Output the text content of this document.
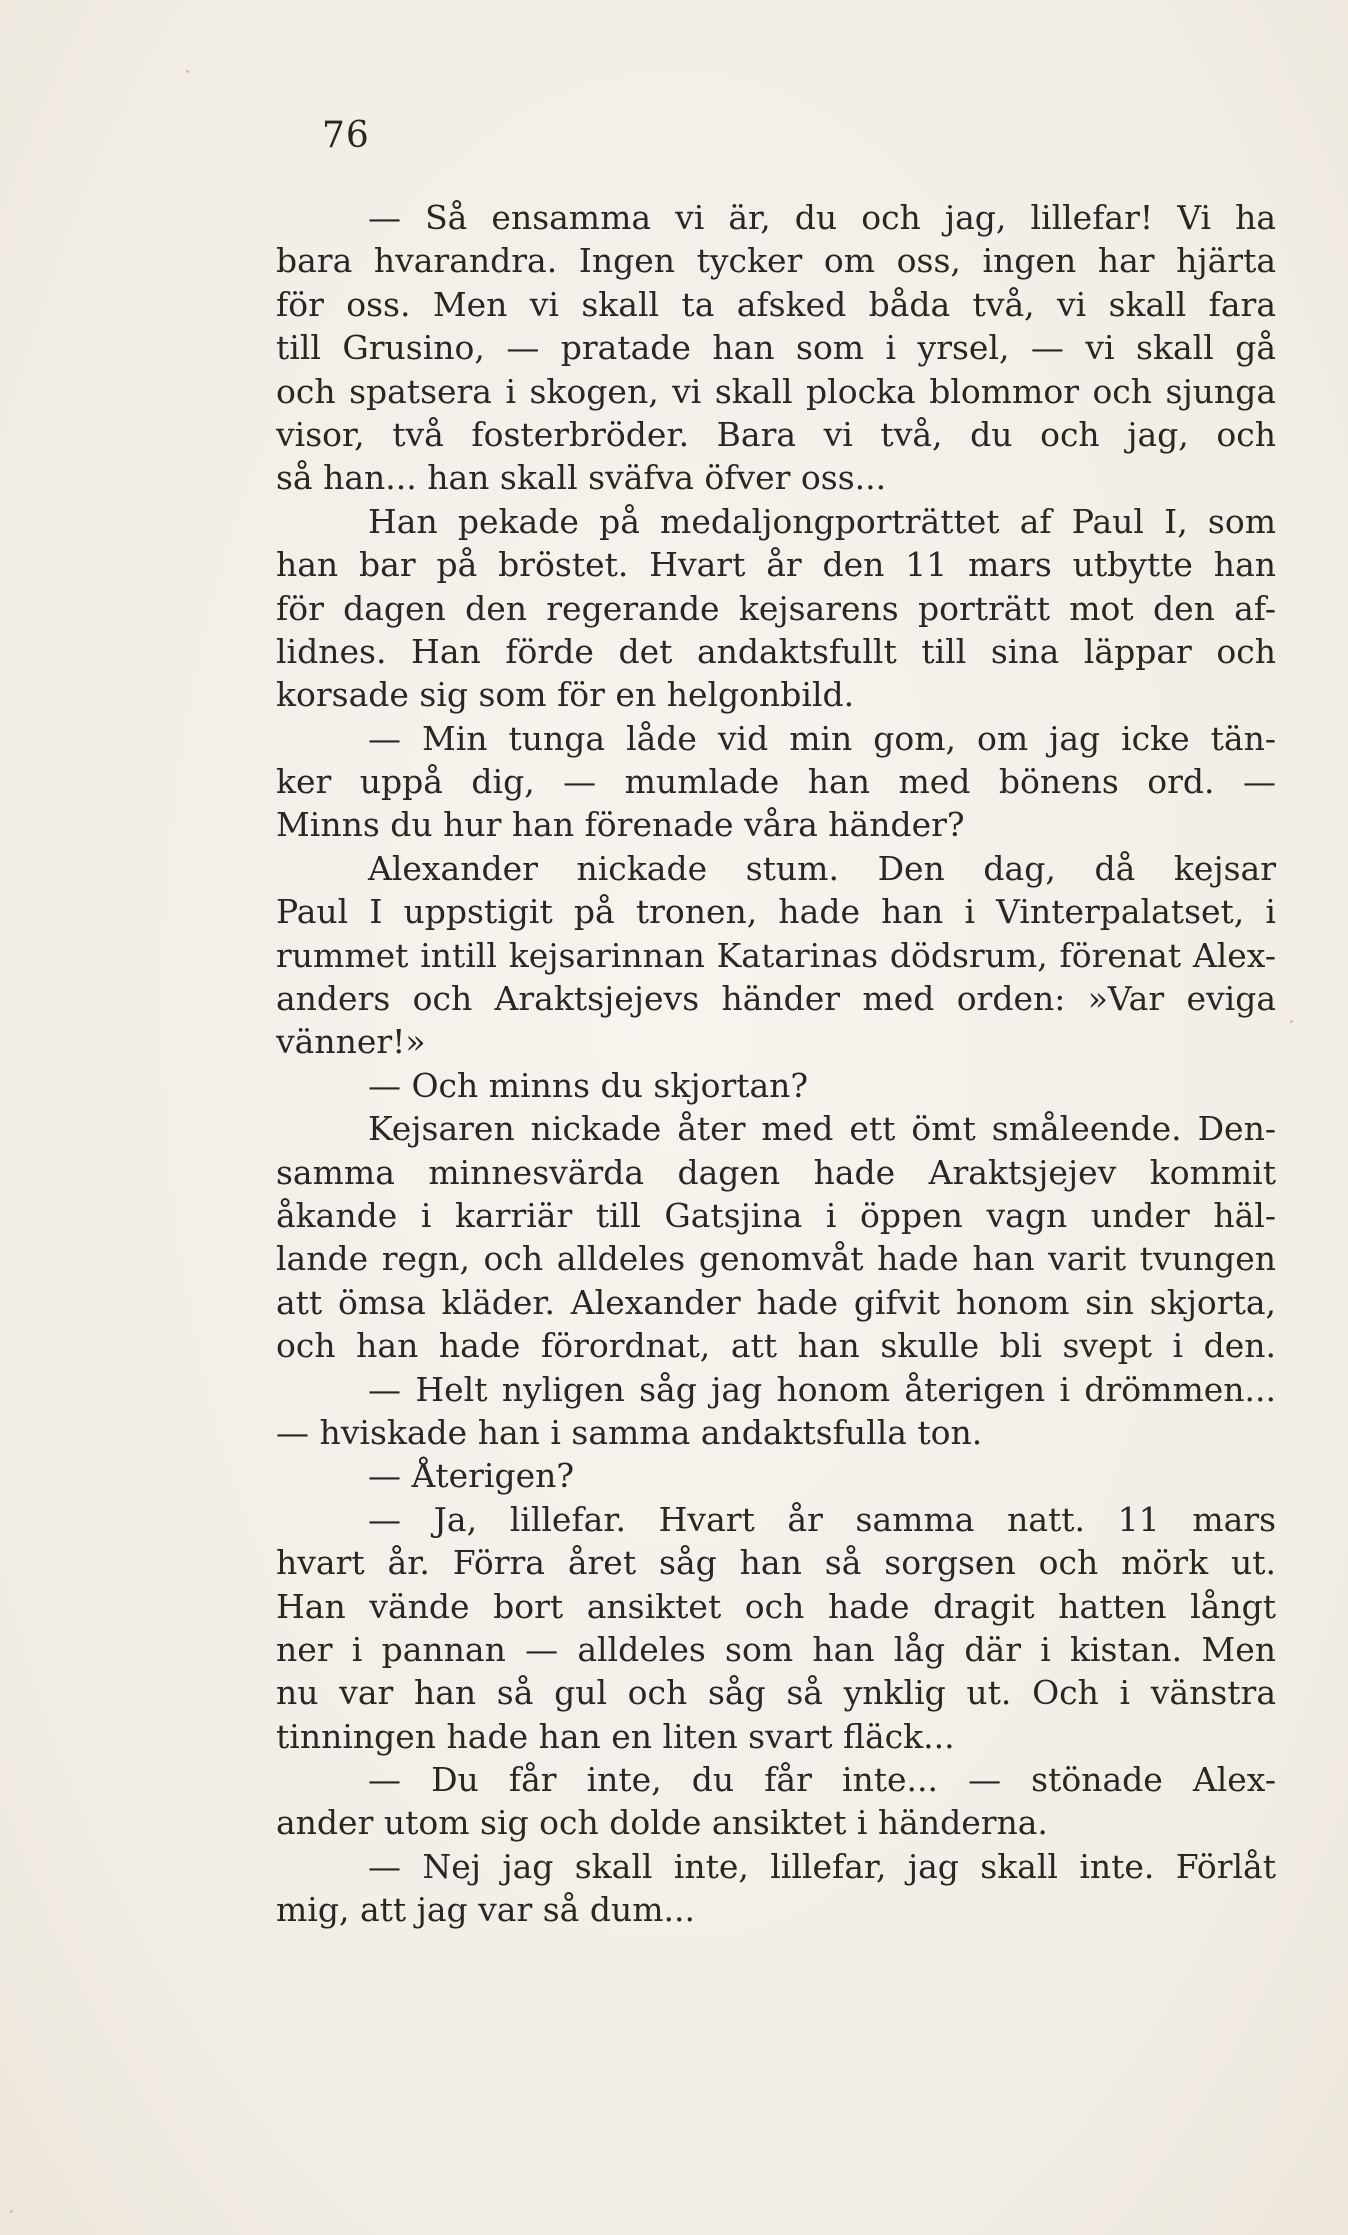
76
— Så ensamma vi är, du och jag, lillefar! Vi ha
bara hvarandra. Ingen tycker om oss, ingen har hjärta
för oss. Men vi skall ta afsked båda två, vi skall fara
till Grusino, — pratade han som i yrsel, — vi skall gå
och spatsera i skogen, vi skall plocka blommor och sjunga
visor, två fosterbröder. Bara vi två, du och jag, och
så han... han skall sväfva öfver oss...
Han pekade på medaljongporträttet af Paul I, som
han bar på bröstet. Hvart år den 11 mars utbytte han
för dagen den regerande kejsarens porträtt mot den af-
lidnes. Han förde det andaktsfullt till sina läppar och
korsade sig som för en helgonbild.
— Min tunga låde vid min gom, om jag icke tän-
ker uppå dig, — mumlade han med bönens ord. —
Minns du hur han förenade våra händer?
Alexander nickade stum. Den dag, då kejsar
Paul I uppstigit på tronen, hade han i Vinterpalatset, i
rummet intill kejsarinnan Katarinas dödsrum, förenat Alex-
anders och Araktsjejevs händer med orden: »Var eviga
vänner!»
— Och minns du skjortan?
Kejsaren nickade åter med ett ömt småleende. Den-
samma minnesvärda dagen hade Araktsjejev kommit
åkande i karriär till Gatsjina i öppen vagn under häl-
lande regn, och alldeles genomvåt hade han varit tvungen
att ömsa kläder. Alexander hade gifvit honom sin skjorta,
och han hade förordnat, att han skulle bli svept i den.
— Helt nyligen såg jag honom återigen i drömmen...
— hviskade han i samma andaktsfulla ton.
— Återigen?
— Ja, lillefar. Hvart år samma natt. 11 mars
hvart år. Förra året såg han så sorgsen och mörk ut.
Han vände bort ansiktet och hade dragit hatten långt
ner i pannan — alldeles som han låg där i kistan. Men
nu var han så gul och såg så ynklig ut. Och i vänstra
tinningen hade han en liten svart fläck...
— Du får inte, du får inte... — stönade Alex-
ander utom sig och dolde ansiktet i händerna.
— Nej jag skall inte, lillefar, jag skall inte. Förlåt
mig, att jag var så dum...
